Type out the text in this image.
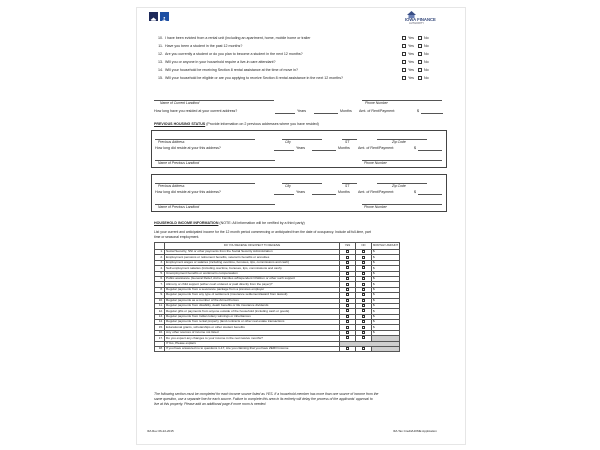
IOWA FINANCE
AUTHORITY
10. I have been evicted from a rental unit (including an apartment, home, mobile home or trailer	Yes	No
11. Have you been a student in the past 12 months?	Yes	No
12. Are you currently a student or do you plan to become a student in the next 12 months?	Yes	No
13. Will you or anyone in your household require a live-in care attendant?	Yes	No
14. Will your household be receiving Section 8 rental assistance at the time of move in?	Yes	No
15. Will your household be eligible or are you applying to receive Section 8 rental assistance in the next 12 months?	Yes	No
Name of Current Landlord	Phone Number
How long have you resided at your current address?	Years	Months Amt. of Rent/Payment:	$
PREVIOUS HOUSING STATUS (Provide information on 2 previous addresses where you have resided)
Previous Address	City	ST	Zip Code
How long did reside at your this address?	Years	Months Amt. of Rent/Payment:	$
Name of Previous Landlord	Phone Number
Previous Address	City	ST	Zip Code
How long did reside at your this address?	Years	Months Amt. of Rent/Payment:	$
Name of Previous Landlord	Phone Number
HOUSEHOLD INCOME INFORMATION (NOTE: All information will be verified by a third party)
List your current and anticipated income for the 12 month period commencing or anticipated from the date of occupancy. Include all full-time, part
time or seasonal employment.
	DO YOU RECEIVE OR EXPECT TO RECEIVE	YES	NO	MONTHLY AMOUNT
1.	Social Security, SSI or other payments from the Social Security Administration			$
2.	Employment pensions or retirement benefits, veteran's benefits or annuities			$
3.	Employment wages or salaries (including overtime, bonuses, tips, commissions and cash)			$
4.	Self-employment salaries (including overtime, bonuses, tips, commissions and cash)			$
5.	Unemployment benefits or workman's compensation			$
6.	Public assistance (General Relief, Aid to Families w/Dependent Children or other such support			$
7.	Alimony or child support (either court ordered or paid directly from the payer)?			$
8.	Regular payments from a severance package from a previous employer			$
9.	Regular payments from any type of settlement (insurance settlement/award from lawsuit)			$
10.	Regular payments as a member of the Armed Forces			$
11.	Regular payments from disability, death benefits or life insurance dividends			$
12.	Regular gifts or payments from anyone outside of the household (including cash or goods)			$
13.	Regular payments from Indian lottery winnings or inheritances			$
14.	Regular payments from rental property (land contracts or other real estate transactions			$
15.	Educational grants, scholarships or other student benefits			$
16.	Any other sources of income not listed			$
17.	Do you expect any changes to your income in the next twelve months?			
	If Yes, Please explain:			
18.	If you have answered no to questions 1-17, Are you claiming that you have ZERO income			
The following section must be completed for each income source listed as YES. If a household member has more than one source of income from the
same question, use a separate line for each source. Failure to complete this area in its entirety will delay the process of the applicants' approval to
live at this property. Please add an additional page if more room is needed.
IFA Rev 06-22-2015	IFA Tax Credit/HOME Application
